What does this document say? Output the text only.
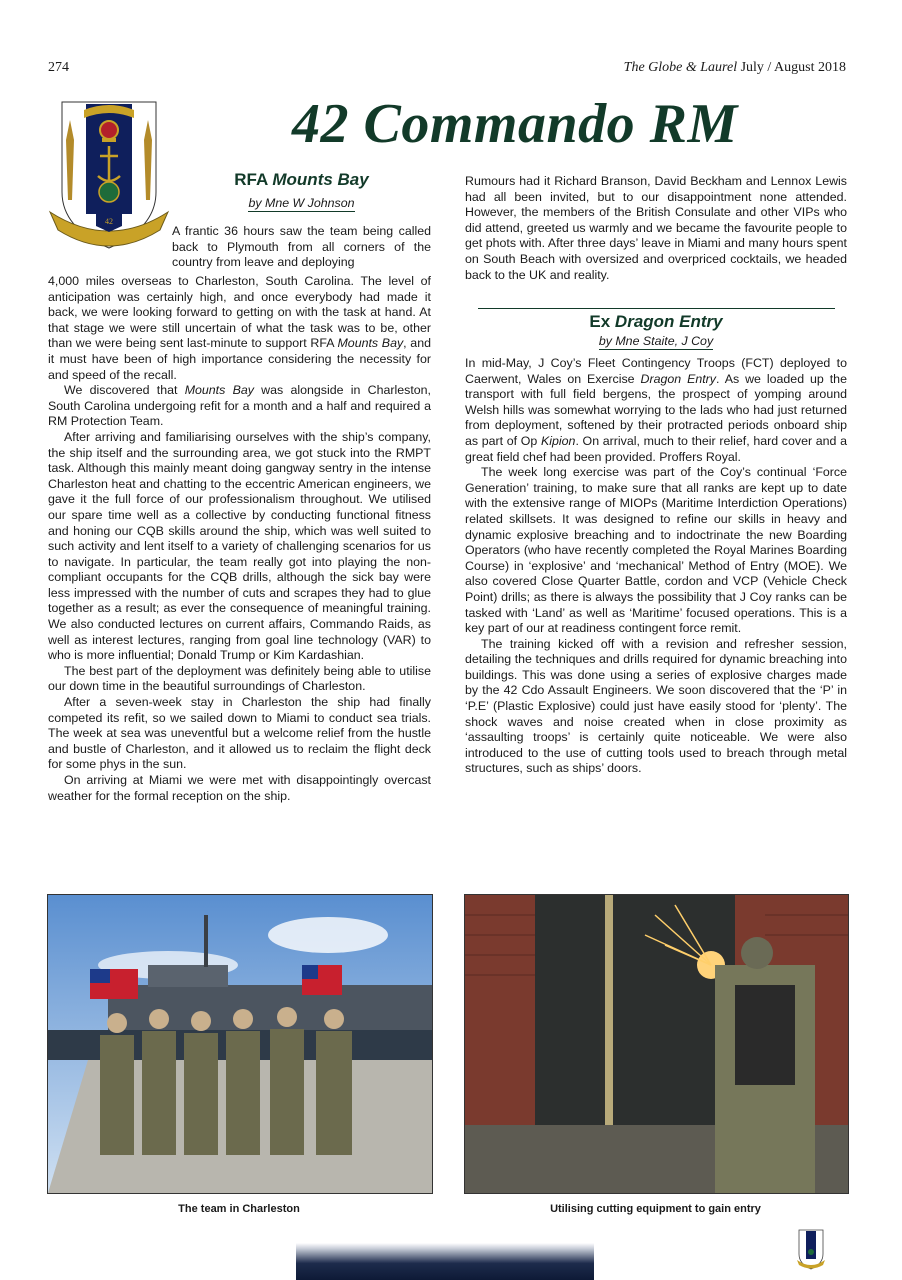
274	The Globe & Laurel July / August 2018
42
42 Commando RM
RFA Mounts Bay
by Mne W Johnson
A frantic 36 hours saw the team being called back to Plymouth from all corners of the country from leave and deploying

4,000 miles overseas to Charleston, South Carolina. The level of anticipation was certainly high, and once everybody had made it back, we were looking forward to getting on with the task at hand. At that stage we were still uncertain of what the task was to be, other than we were being sent last-minute to support RFA Mounts Bay, and it must have been of high importance considering the necessity for and speed of the recall.

We discovered that Mounts Bay was alongside in Charleston, South Carolina undergoing refit for a month and a half and required a RM Protection Team.

After arriving and familiarising ourselves with the ship’s company, the ship itself and the surrounding area, we got stuck into the RMPT task. Although this mainly meant doing gangway sentry in the intense Charleston heat and chatting to the eccentric American engineers, we gave it the full force of our professionalism throughout. We utilised our spare time well as a collective by conducting functional fitness and honing our CQB skills around the ship, which was well suited to such activity and lent itself to a variety of challenging scenarios for us to navigate. In particular, the team really got into playing the non-compliant occupants for the CQB drills, although the sick bay were less impressed with the number of cuts and scrapes they had to glue together as a result; as ever the consequence of meaningful training. We also conducted lectures on current affairs, Commando Raids, as well as interest lectures, ranging from goal line technology (VAR) to who is more influential; Donald Trump or Kim Kardashian.

The best part of the deployment was definitely being able to utilise our down time in the beautiful surroundings of Charleston.

After a seven-week stay in Charleston the ship had finally competed its refit, so we sailed down to Miami to conduct sea trials. The week at sea was uneventful but a welcome relief from the hustle and bustle of Charleston, and it allowed us to reclaim the flight deck for some phys in the sun.

On arriving at Miami we were met with disappointingly overcast weather for the formal reception on the ship.

Rumours had it Richard Branson, David Beckham and Lennox Lewis had all been invited, but to our disappointment none attended. However, the members of the British Consulate and other VIPs who did attend, greeted us warmly and we became the favourite people to get phots with. After three days’ leave in Miami and many hours spent on South Beach with oversized and overpriced cocktails, we headed back to the UK and reality.

Ex Dragon Entry
by Mne Staite, J Coy

In mid-May, J Coy’s Fleet Contingency Troops (FCT) deployed to Caerwent, Wales on Exercise Dragon Entry. As we loaded up the transport with full field bergens, the prospect of yomping around Welsh hills was somewhat worrying to the lads who had just returned from deployment, softened by their protracted periods onboard ship as part of Op Kipion. On arrival, much to their relief, hard cover and a great field chef had been provided. Proffers Royal.

The week long exercise was part of the Coy’s continual ‘Force Generation’ training, to make sure that all ranks are kept up to date with the extensive range of MIOPs (Maritime Interdiction Operations) related skillsets. It was designed to refine our skills in heavy and dynamic explosive breaching and to indoctrinate the new Boarding Operators (who have recently completed the Royal Marines Boarding Course) in ‘explosive’ and ‘mechanical’ Method of Entry (MOE). We also covered Close Quarter Battle, cordon and VCP (Vehicle Check Point) drills; as there is always the possibility that J Coy ranks can be tasked with ‘Land’ as well as ‘Maritime’ focused operations. This is a key part of our at readiness contingent force remit.

The training kicked off with a revision and refresher session, detailing the techniques and drills required for dynamic breaching into buildings. This was done using a series of explosive charges made by the 42 Cdo Assault Engineers. We soon discovered that the ‘P’ in ‘P.E’ (Plastic Explosive) could just have easily stood for ‘plenty’. The shock waves and noise created when in close proximity as ‘assaulting troops’ is certainly quite noticeable. We were also introduced to the use of cutting tools used to breach through metal structures, such as ships’ doors.

The team in Charleston	Utilising cutting equipment to gain entry
